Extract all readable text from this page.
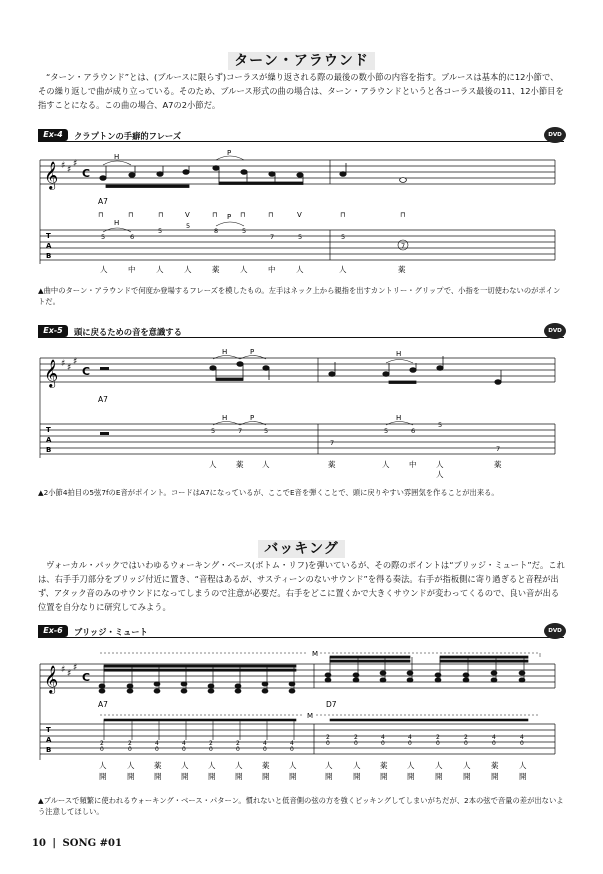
ターン・アラウンド
“ターン・アラウンド”とは、(ブルースに限らず)コーラスが繰り返される際の最後の数小節の内容を指す。ブルースは基本的に12小節で、その繰り返しで曲が成り立っている。そのため、ブルース形式の曲の場合は、ターン・アラウンドというと各コーラス最後の11、12小節目を指すことになる。この曲の場合、A7の2小節だ。
Ex-4	クラプトンの手癖的フレーズ	DVD
𝄞 ♯ ♯
♯
C
H	P
A7
⊓	⊓	⊓	V	⊓	⊓	⊓	V	⊓	⊓
T
A
B
H
P
5	6
5
5
8	5
7	5	5
7
人	中	人	人	薬	人	中	人	人	薬
▲曲中のターン・アラウンドで何度か登場するフレーズを模したもの。左手はネック上から親指を出すカントリー・グリップで、小指を一切使わないのがポイントだ。
Ex-5	頭に戻るための音を意識する	DVD
𝄞 ♯ ♯
♯
C
H	P	H
A7
T
A
B
H	P	H
5	7	5
7
5	6
5
7
人	薬 人	薬	人	中	人
人
薬
▲2小節4拍目の5弦7fのE音がポイント。コードはA7になっているが、ここでE音を弾くことで、頭に戻りやすい雰囲気を作ることが出来る。
バッキング
ヴォーカル・パックではいわゆるウォーキング・ベース(ボトム・リフ)を弾いているが、その際のポイントは“ブリッジ・ミュート”だ。これは、右手手刀部分をブリッジ付近に置き、“音程はあるが、サスティーンのないサウンド”を得る奏法。右手が指板側に寄り過ぎると音程が出ず、アタック音のみのサウンドになってしまうので注意が必要だ。右手をどこに置くかで大きくサウンドが変わってくるので、良い音が出る位置を自分なりに研究してみよう。
Ex-6	ブリッジ・ミュート	DVD
M
𝄞 ♯ ♯
♯
C
A7	D7
M
T
A
B
2
0
2
0
4
0
4
0
2
0
2
0
4
0
4
0
2
0
2
0
4
0
4
0
2
0
2
0
4
0
4
0
人	人	薬	人	人	人	薬	人	人	人	薬	人	人	人	薬	人
開	開	開	開	開	開	開	開	開	開	開	開	開	開	開	開
▲ブルースで頻繁に使われるウォーキング・ベース・パターン。慣れないと低音側の弦の方を強くピッキングしてしまいがちだが、2本の弦で音量の差が出ないよう注意してほしい。
10 | SONG #01
